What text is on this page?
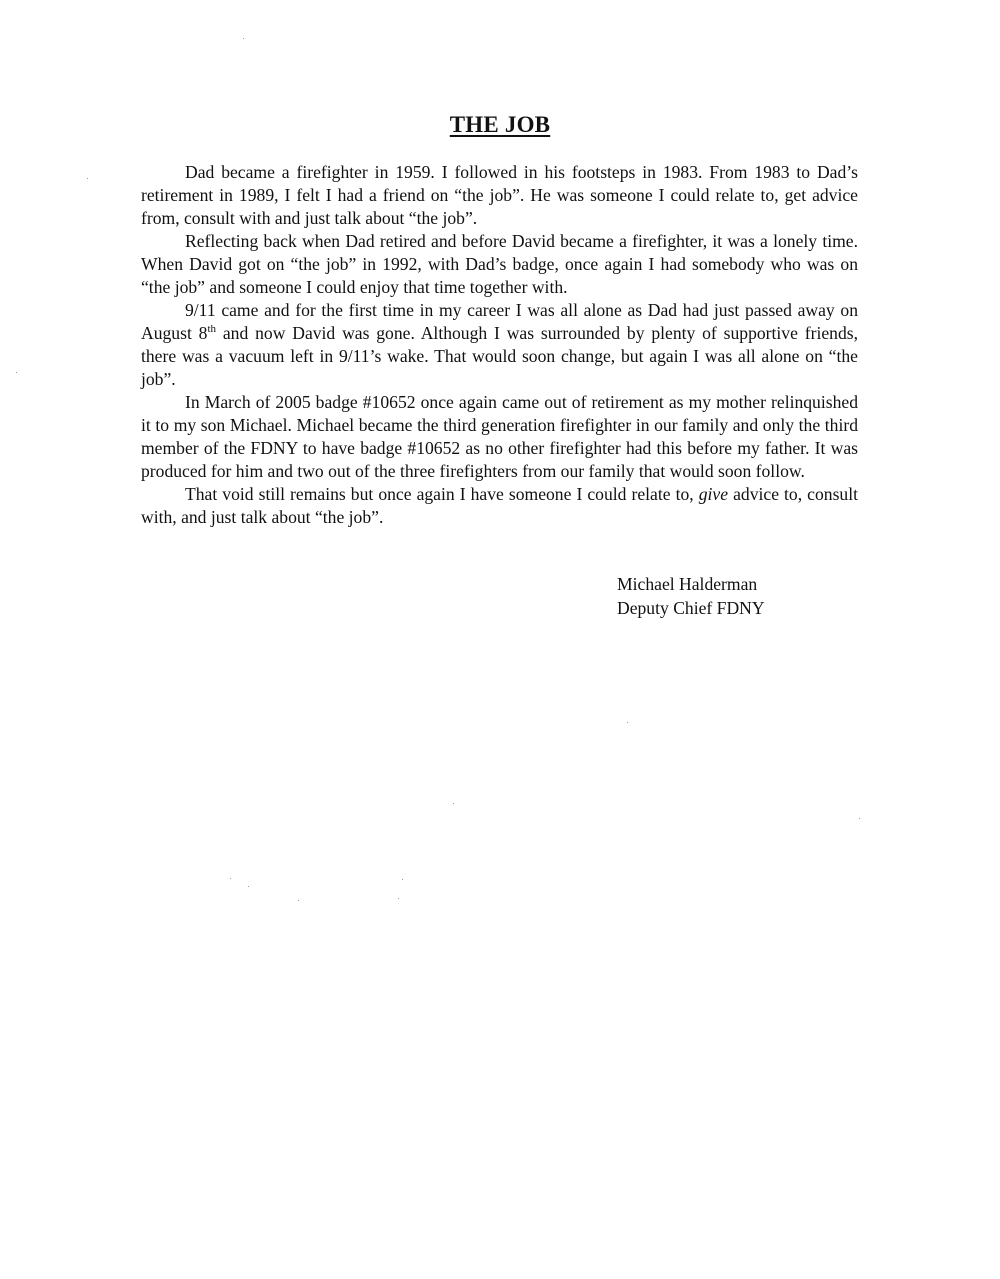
THE JOB

Dad became a firefighter in 1959. I followed in his footsteps in 1983. From 1983 to Dad’s retirement in 1989, I felt I had a friend on “the job”. He was someone I could relate to, get advice from, consult with and just talk about “the job”.

Reflecting back when Dad retired and before David became a firefighter, it was a lonely time. When David got on “the job” in 1992, with Dad’s badge, once again I had somebody who was on “the job” and someone I could enjoy that time together with.

9/11 came and for the first time in my career I was all alone as Dad had just passed away on August 8th and now David was gone. Although I was surrounded by plenty of supportive friends, there was a vacuum left in 9/11’s wake. That would soon change, but again I was all alone on “the job”.

In March of 2005 badge #10652 once again came out of retirement as my mother relinquished it to my son Michael. Michael became the third generation firefighter in our family and only the third member of the FDNY to have badge #10652 as no other firefighter had this before my father. It was produced for him and two out of the three firefighters from our family that would soon follow.

That void still remains but once again I have someone I could relate to, give advice to, consult with, and just talk about “the job”.

Michael Halderman
Deputy Chief FDNY
